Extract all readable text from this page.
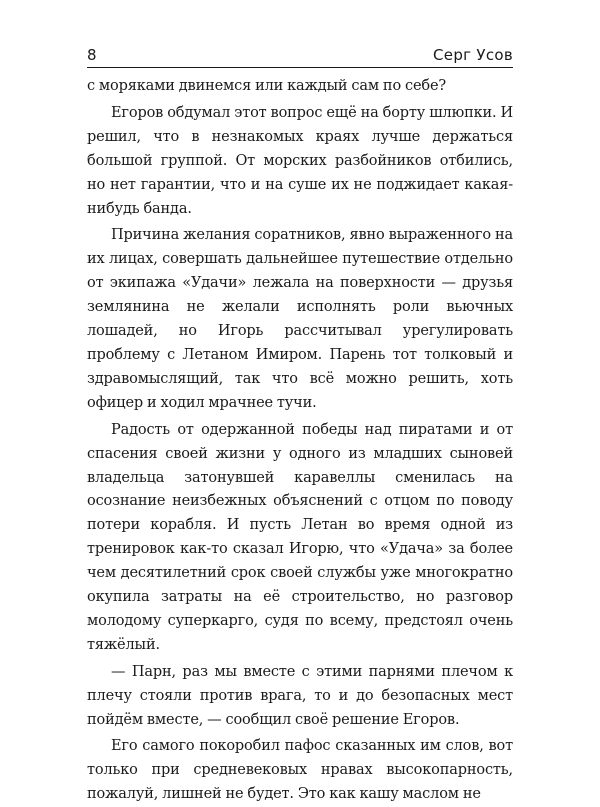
8	Серг Усов

с моряками двинемся или каждый сам по себе?

Егоров обдумал этот вопрос ещё на борту шлюпки. И решил, что в незнакомых краях лучше держаться большой группой. От морских разбойников отбились, но нет гарантии, что и на суше их не поджидает какая-нибудь банда.

Причина желания соратников, явно выраженного на их лицах, совершать дальнейшее путешествие отдельно от экипажа «Удачи» лежала на поверхности — друзья землянина не желали исполнять роли вьючных лошадей, но Игорь рассчитывал урегулировать проблему с Летаном Имиром. Парень тот толковый и здравомыслящий, так что всё можно решить, хоть офицер и ходил мрачнее тучи.

Радость от одержанной победы над пиратами и от спасения своей жизни у одного из младших сыновей владельца затонувшей каравеллы сменилась на осознание неизбежных объяснений с отцом по поводу потери корабля. И пусть Летан во время одной из тренировок как-то сказал Игорю, что «Удача» за более чем десятилетний срок своей службы уже многократно окупила затраты на её строительство, но разговор молодому суперкарго, судя по всему, предстоял очень тяжёлый.

— Парн, раз мы вместе с этими парнями плечом к плечу стояли против врага, то и до безопасных мест пойдём вместе, — сообщил своё решение Егоров.

Его самого покоробил пафос сказанных им слов, вот только при средневековых нравах высокопарность, пожалуй, лишней не будет. Это как кашу маслом не
